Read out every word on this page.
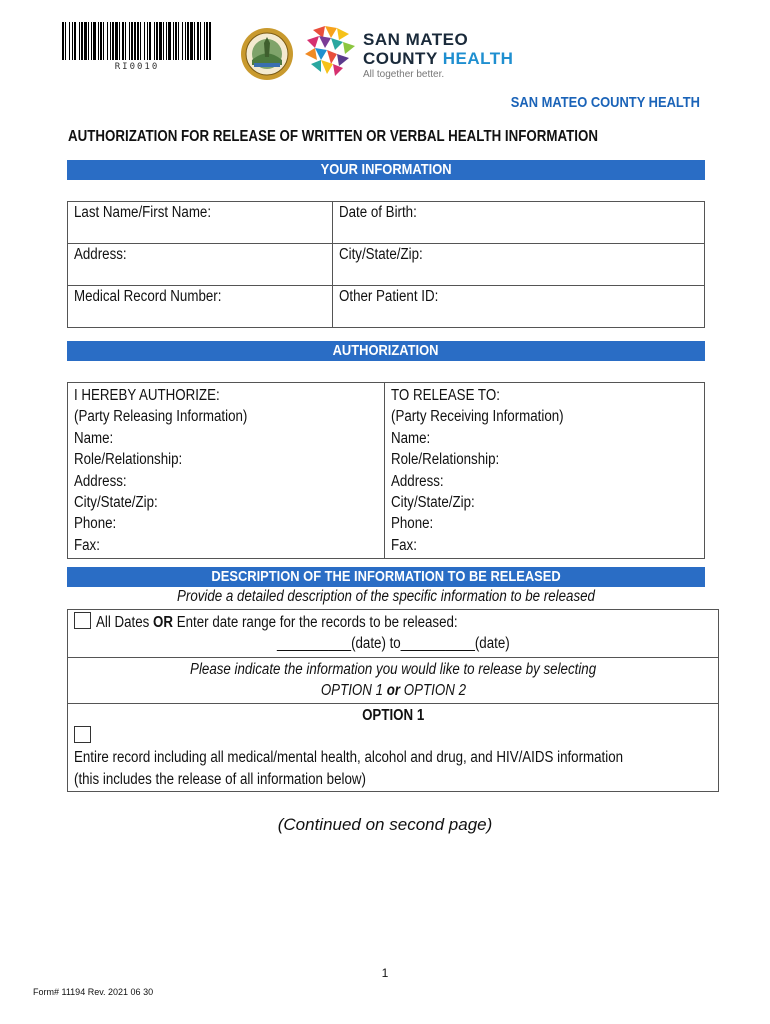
RI0010
SAN MATEO
COUNTY HEALTH
All together better.
SAN MATEO COUNTY HEALTH
AUTHORIZATION FOR RELEASE OF WRITTEN OR VERBAL HEALTH INFORMATION
YOUR INFORMATION
Last Name/First Name:	Date of Birth:
Address:	City/State/Zip:
Medical Record Number:	Other Patient ID:
AUTHORIZATION
I HEREBY AUTHORIZE:
(Party Releasing Information)
Name:
Role/Relationship:
Address:
City/State/Zip:
Phone:
Fax:

TO RELEASE TO:
(Party Receiving Information)
Name:
Role/Relationship:
Address:
City/State/Zip:
Phone:
Fax:
DESCRIPTION OF THE INFORMATION TO BE RELEASED
Provide a detailed description of the specific information to be released
All Dates OR Enter date range for the records to be released:
__________(date) to__________(date)

Please indicate the information you would like to release by selecting
OPTION 1 or OPTION 2

OPTION 1
Entire record including all medical/mental health, alcohol and drug, and HIV/AIDS information
(this includes the release of all information below)
(Continued on second page)
1
Form# 11194 Rev. 2021 06 30
